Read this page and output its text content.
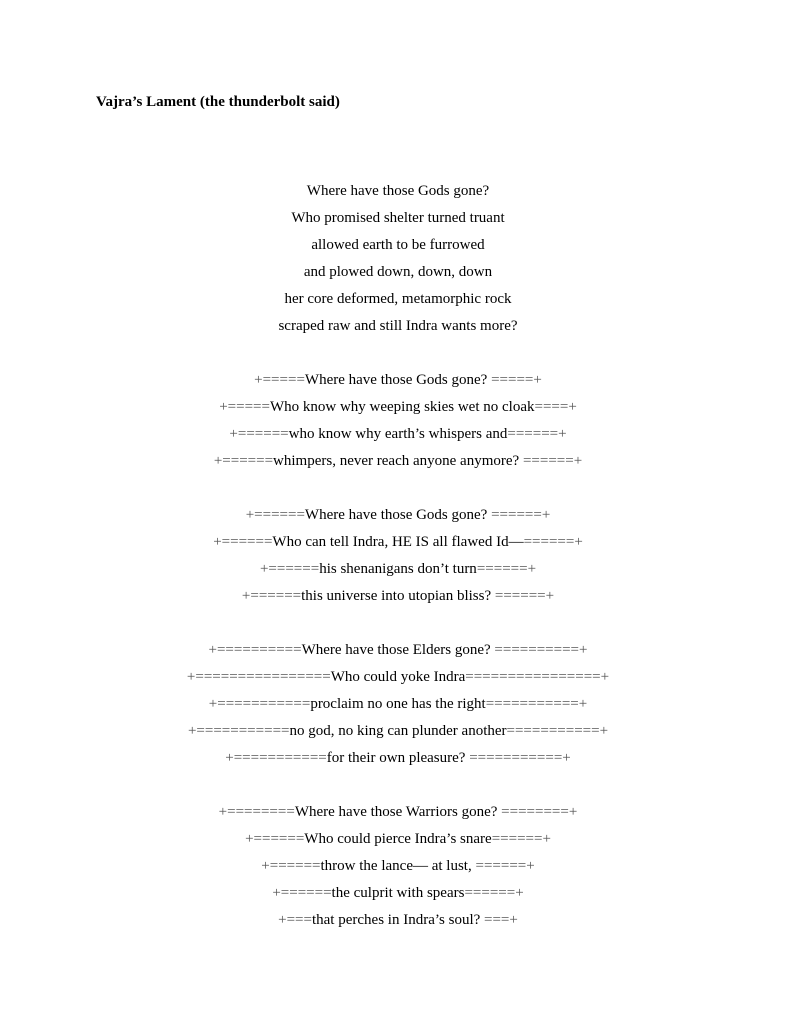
Vajra’s Lament (the thunderbolt said)
Where have those Gods gone?
Who promised shelter turned truant
allowed earth to be furrowed
and plowed down, down, down
her core deformed, metamorphic rock
scraped raw and still Indra wants more?
+=====Where have those Gods gone? =====+
+=====Who know why weeping skies wet no cloak====+
+======who know why earth’s whispers and======+
+======whimpers, never reach anyone anymore? ======+
+======Where have those Gods gone? ======+
+======Who can tell Indra, HE IS all flawed Id—======+
+======his shenanigans don’t turn======+
+======this universe into utopian bliss? ======+
+==========Where have those Elders gone? ==========+
+================Who could yoke Indra================+
+===========proclaim no one has the right===========+
+===========no god, no king can plunder another===========+
+===========for their own pleasure? ===========+
+========Where have those Warriors gone? ========+
+======Who could pierce Indra’s snare======+
+======throw the lance— at lust, ======+
+======the culprit with spears======+
+===that perches in Indra’s soul? ===+
